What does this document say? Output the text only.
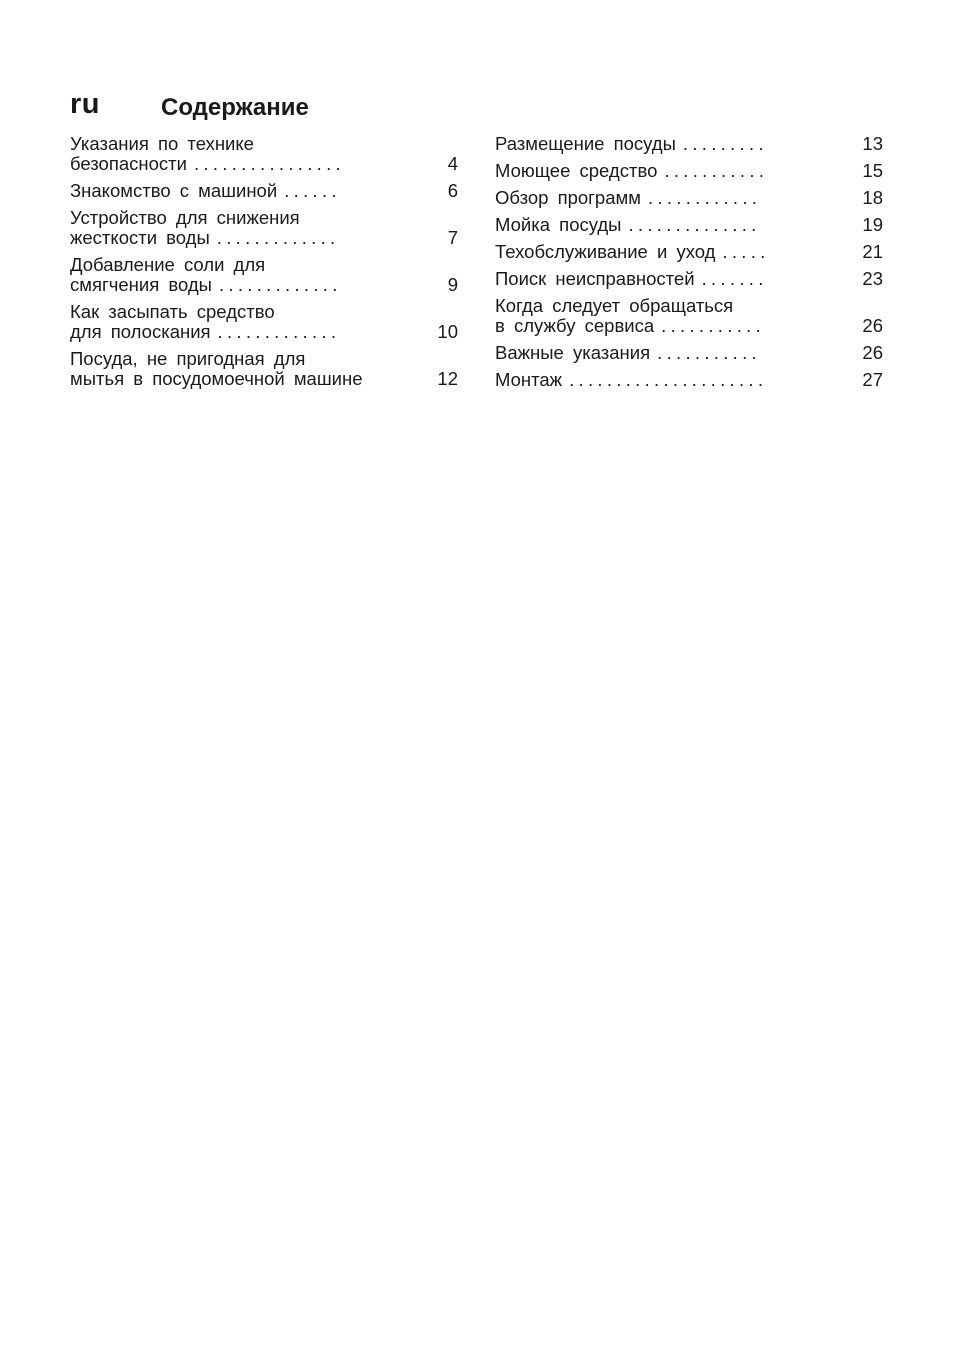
ru	Содержание
Указания по технике
безопасности ................	4
Знакомство с машиной ......	6
Устройство для снижения
жесткости воды .............	7
Добавление соли для
смягчения воды .............	9
Как засыпать средство
для полоскания .............	10
Посуда, не пригодная для
мытья в посудомоечной машине	12
Размещение посуды .........	13
Моющее средство ...........	15
Обзор программ ............	18
Мойка посуды ..............	19
Техобслуживание и уход .....	21
Поиск неисправностей .......	23
Когда следует обращаться
в службу сервиса ...........	26
Важные указания ...........	26
Монтаж .....................	27
